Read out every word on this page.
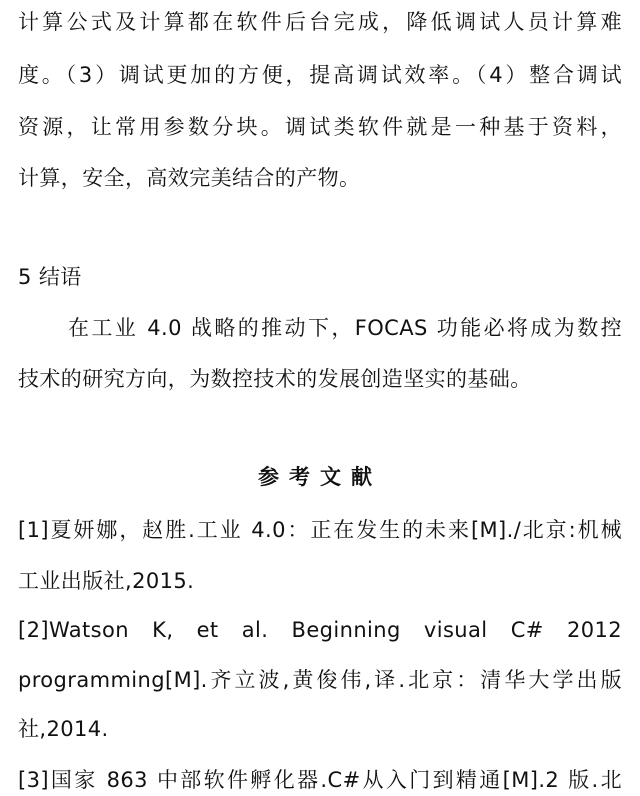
计算公式及计算都在软件后台完成，降低调试人员计算难
度。（3）调试更加的方便，提高调试效率。（4）整合调试
资源，让常用参数分块。调试类软件就是一种基于资料，
计算，安全，高效完美结合的产物。
5 结语
在工业 4.0 战略的推动下，FOCAS 功能必将成为数控
技术的研究方向，为数控技术的发展创造坚实的基础。
参考文献
[1]夏妍娜，赵胜.工业 4.0：正在发生的未来[M]./北京:机械
工业出版社,2015.
[2]Watson K, et al. Beginning visual C# 2012
programming[M].齐立波,黄俊伟,译.北京：清华大学出版
社,2014.
[3]国家 863 中部软件孵化器.C#从入门到精通[M].2 版.北
